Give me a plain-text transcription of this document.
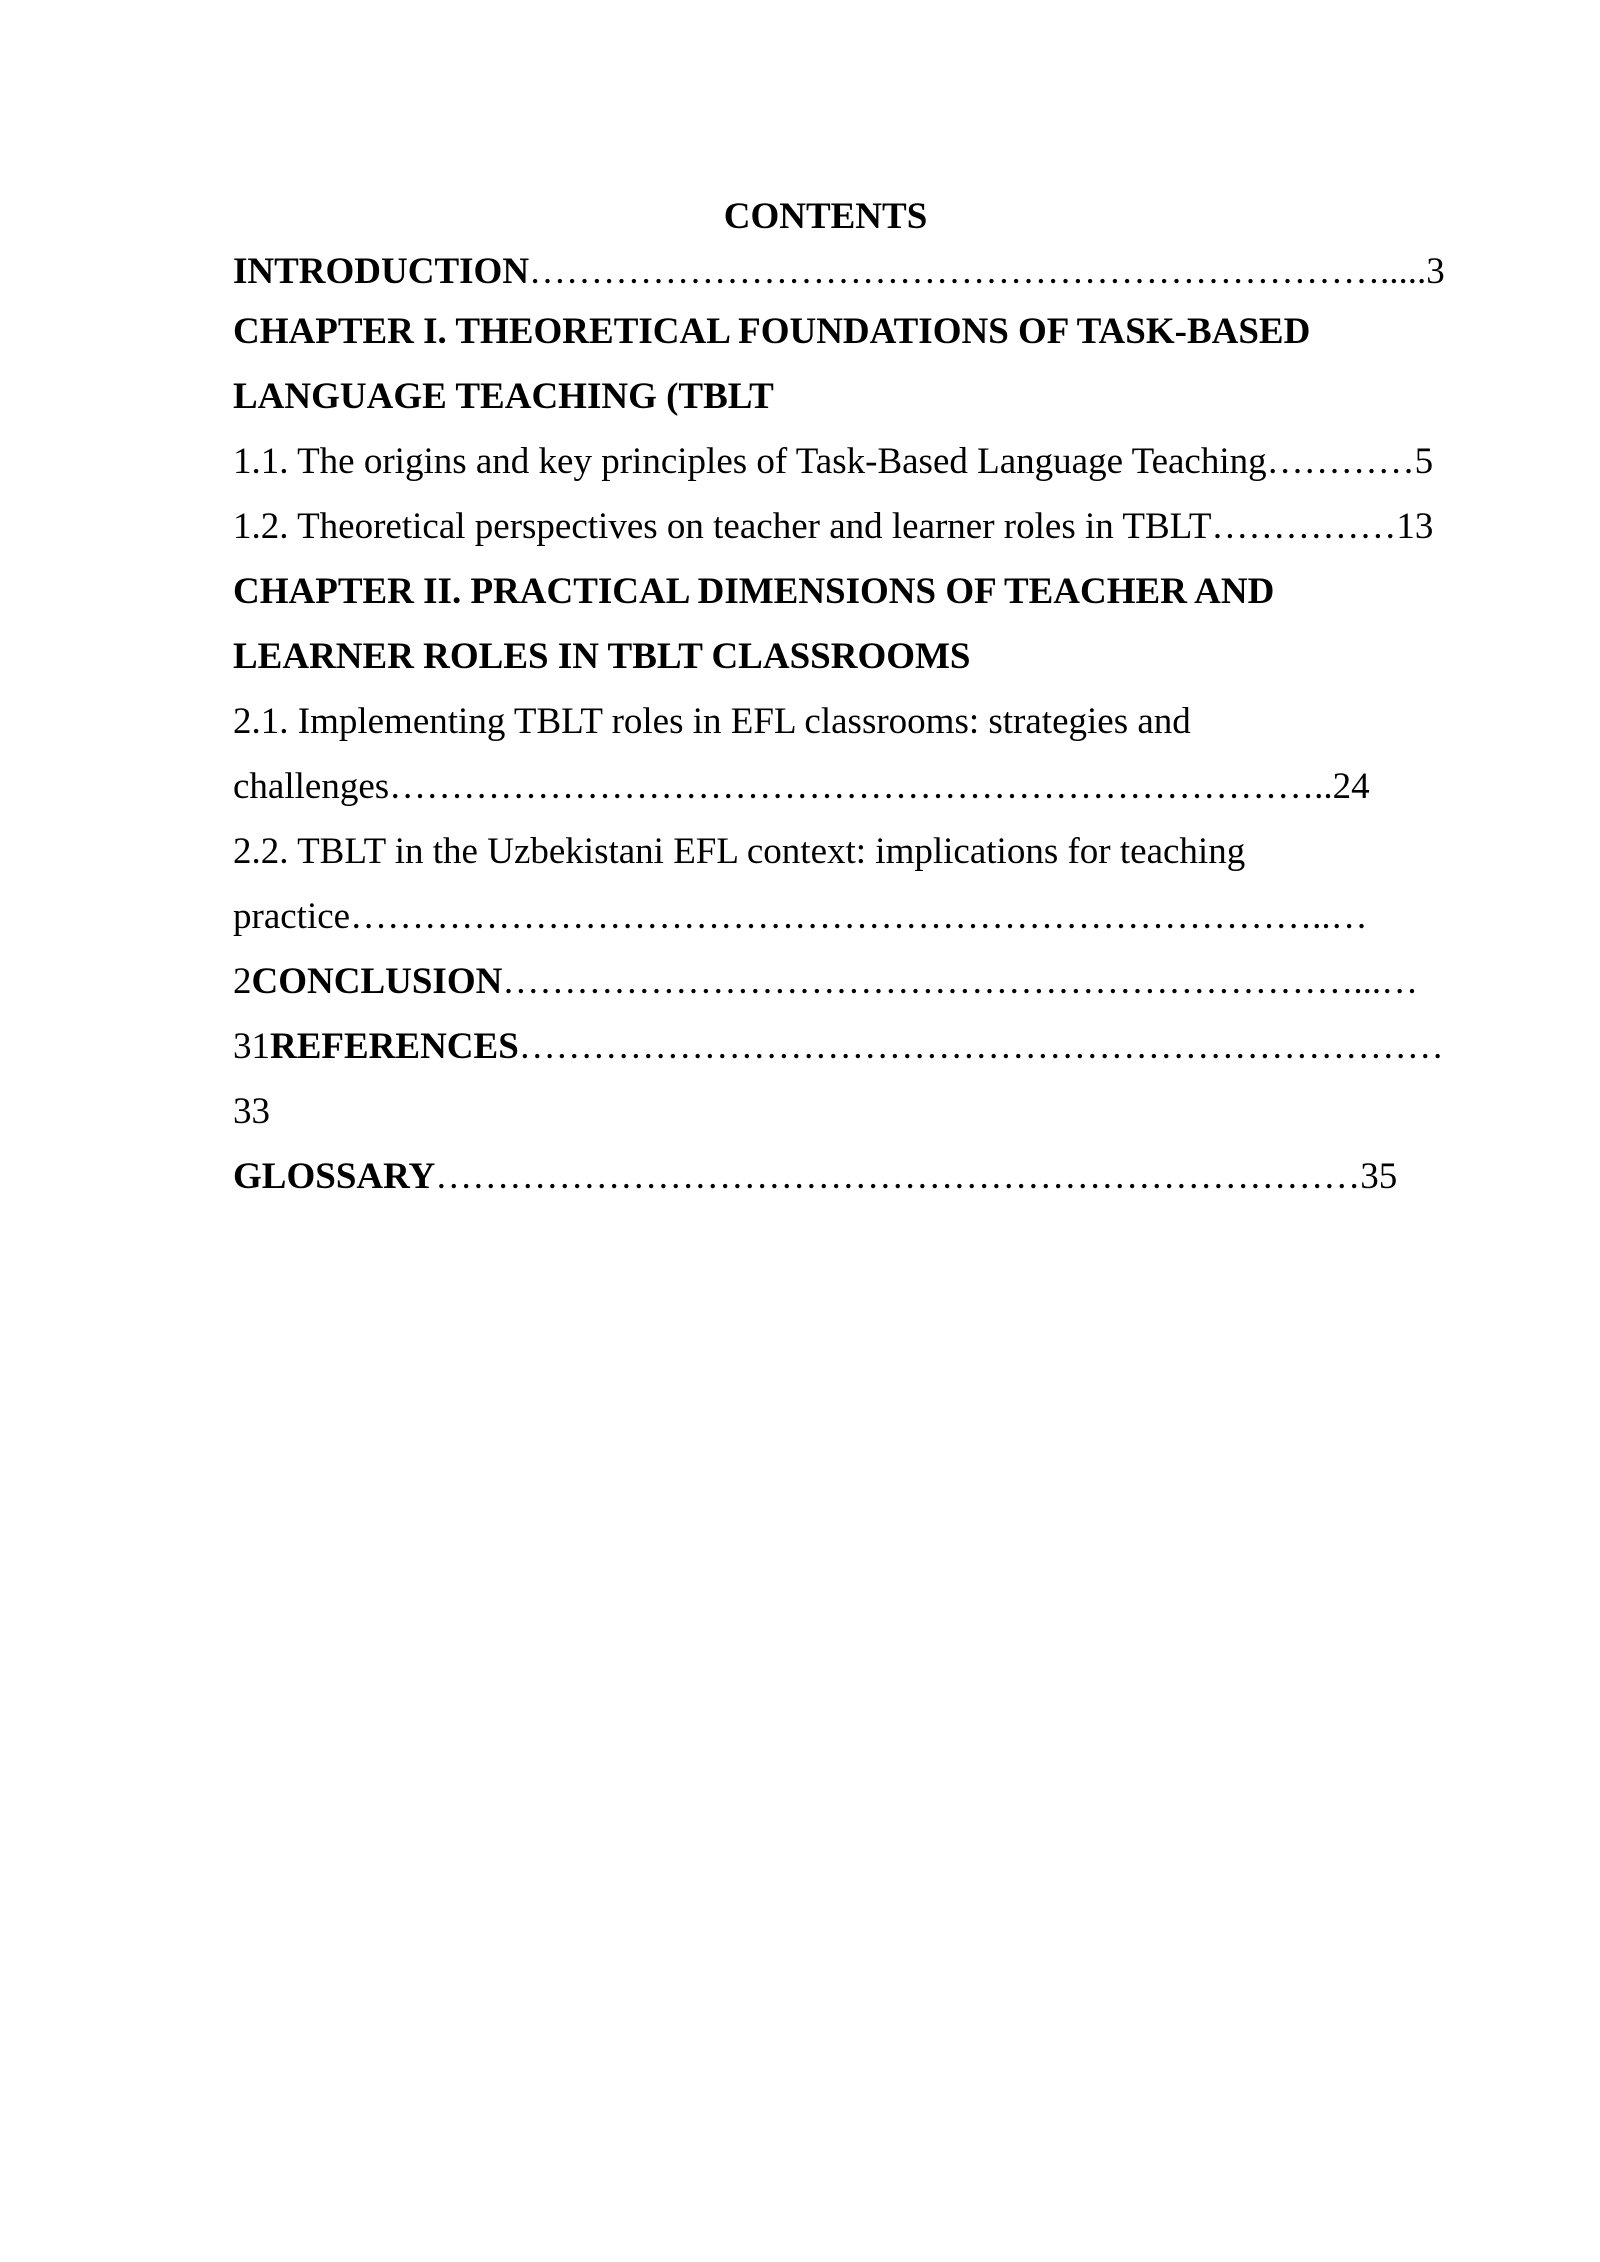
CONTENTS
INTRODUCTION…………………………………………………………….....3
CHAPTER I. THEORETICAL FOUNDATIONS OF TASK-BASED
LANGUAGE TEACHING (TBLT
1.1. The origins and key principles of Task-Based Language Teaching…………5
1.2. Theoretical perspectives on teacher and learner roles in TBLT……………13
CHAPTER II. PRACTICAL DIMENSIONS OF TEACHER AND
LEARNER ROLES IN TBLT CLASSROOMS
2.1. Implementing TBLT roles in EFL classrooms: strategies and
challenges…………………………………………………………………..24
2.2. TBLT in the Uzbekistani EFL context: implications for teaching
practice……………………………………………………………………..…
2CONCLUSION……………………………………………………………...…
31REFERENCES…………………………………………………………………
33
GLOSSARY…………………………………………………………………35
